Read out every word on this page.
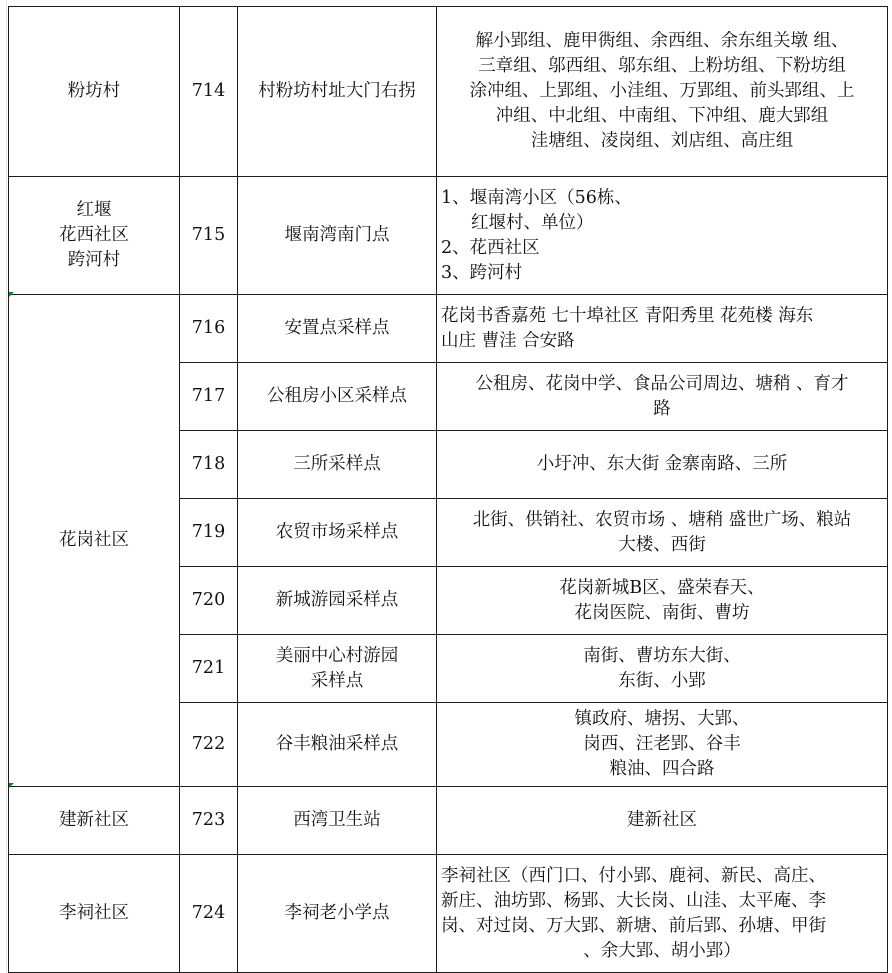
粉坊村	714	村粉坊村址大门右拐	解小郢组、鹿甲衖组、余西组、余东组关墩 组、
三章组、邬西组、邬东组、上粉坊组、下粉坊组
涂冲组、上郢组、小洼组、万郢组、前头郢组、上
冲组、中北组、中南组、下冲组、鹿大郢组
洼塘组、凌岗组、刘店组、高庄组

红堰
花西社区
跨河村	715	堰南湾南门点	1、堰南湾小区（56栋、
红堰村、单位）
2、花西社区
3、跨河村

花岗社区	716	安置点采样点	花岗书香嘉苑 七十埠社区 青阳秀里 花苑楼 海东
山庄 曹洼 合安路

	717	公租房小区采样点	公租房、花岗中学、食品公司周边、塘稍 、育才
路

	718	三所采样点	小圩冲、东大街 金寨南路、三所

	719	农贸市场采样点	北街、供销社、农贸市场 、塘稍 盛世广场、粮站
大楼、西街

	720	新城游园采样点	花岗新城B区、盛荣春天、
花岗医院、南街、曹坊

	721	美丽中心村游园
采样点	南街、曹坊东大街、
东街、小郢

	722	谷丰粮油采样点	镇政府、塘拐、大郢、
岗西、汪老郢、谷丰
粮油、四合路

建新社区	723	西湾卫生站	建新社区

李祠社区	724	李祠老小学点	李祠社区（西门口、付小郢、鹿祠、新民、高庄、
新庄、油坊郢、杨郢、大长岗、山洼、太平庵、李
岗、对过岗、万大郢、新塘、前后郢、孙塘、甲街
、余大郢、胡小郢）
